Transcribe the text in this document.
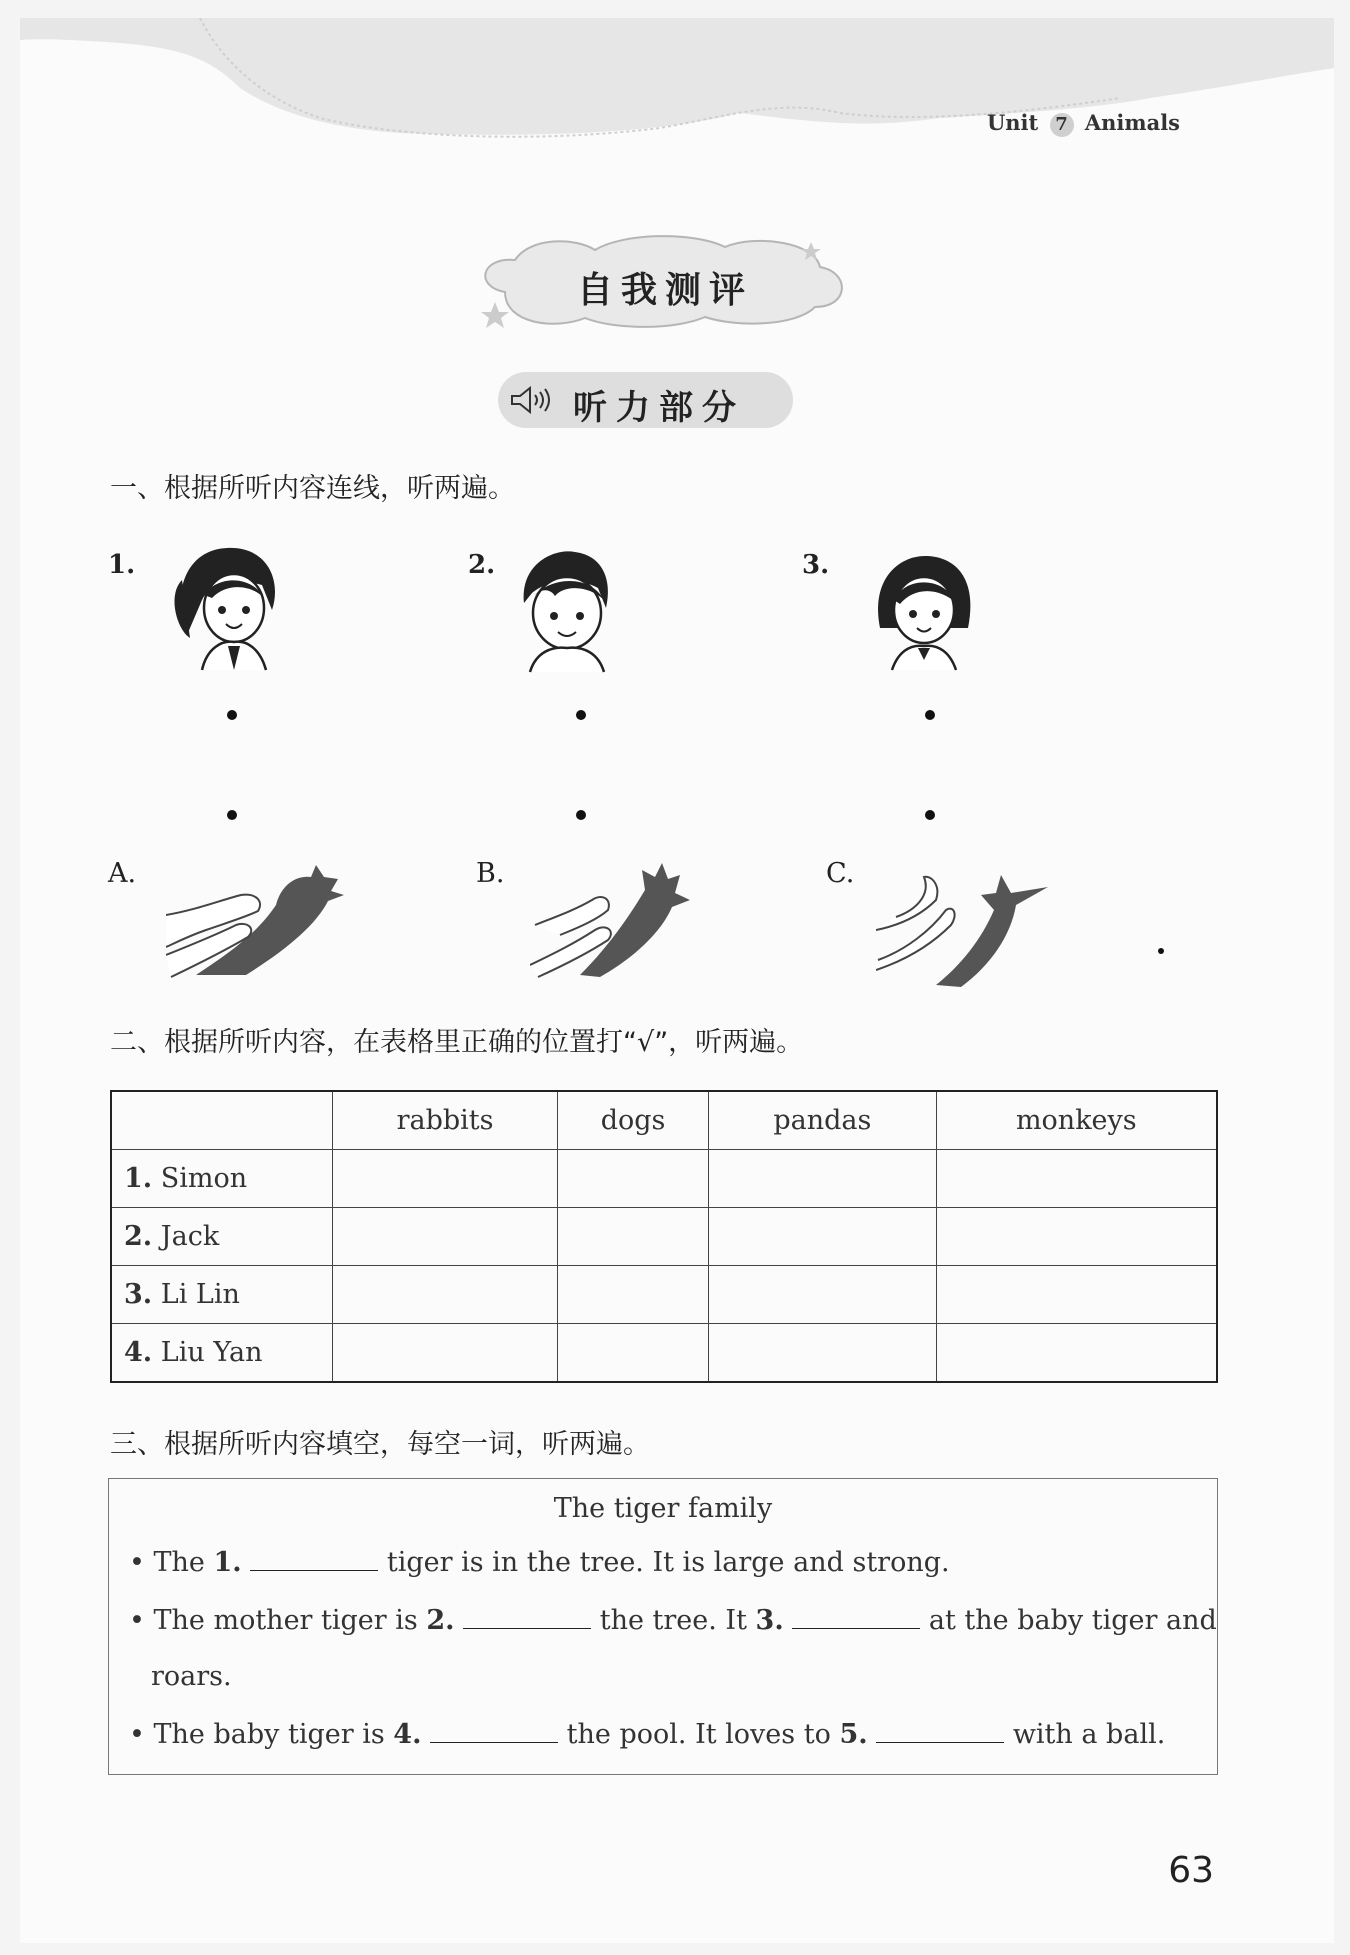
Unit 7 Animals
自我测评
听力部分
一、根据所听内容连线，听两遍。
1.	2.	3.
A.	B.	C.
二、根据所听内容，在表格里正确的位置打“√”，听两遍。
	rabbits	dogs	pandas	monkeys
1. Simon				
2. Jack				
3. Li Lin				
4. Liu Yan				
三、根据所听内容填空，每空一词，听两遍。
The tiger family
• The 1.	tiger is in the tree. It is large and strong.
• The mother tiger is 2.	the tree. It 3.	at the baby tiger and
roars.
• The baby tiger is 4.	the pool. It loves to 5.	with a ball.
63
